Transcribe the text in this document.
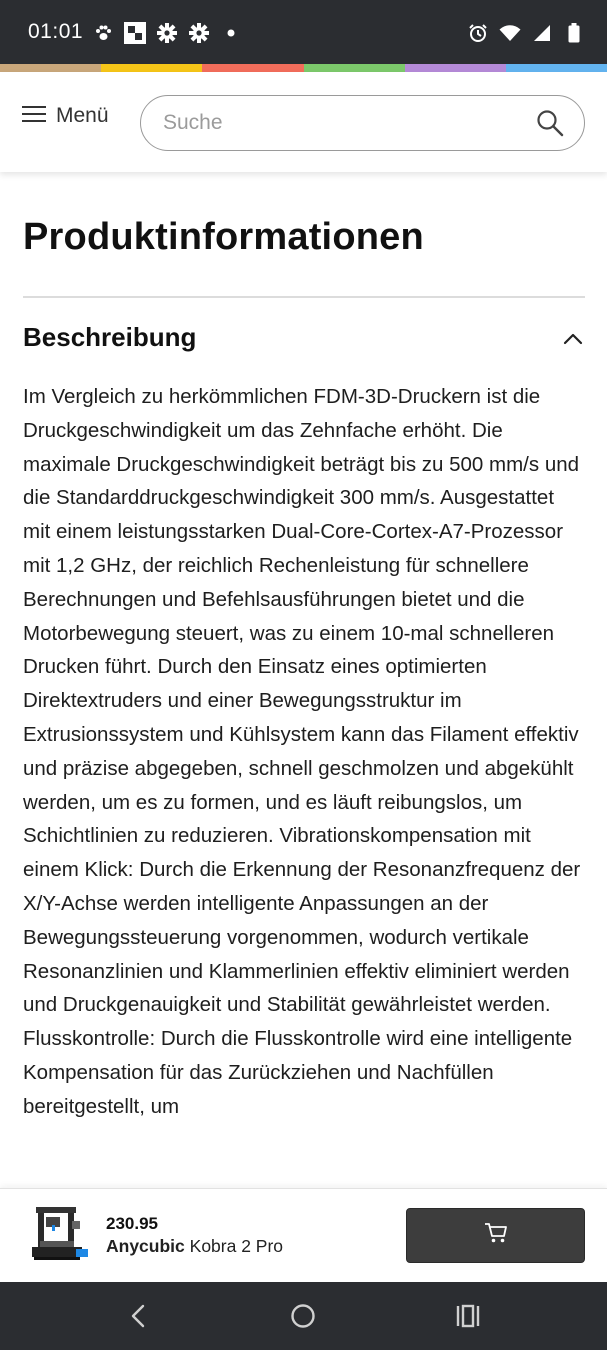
01:01
Menü
Suche
Produktinformationen
Beschreibung

Im Vergleich zu herkömmlichen FDM-3D-Druckern ist die Druckgeschwindigkeit um das Zehnfache erhöht. Die maximale Druckgeschwindigkeit beträgt bis zu 500 mm/s und die Standarddruckgeschwindigkeit 300 mm/s. Ausgestattet mit einem leistungsstarken Dual-Core-Cortex-A7-Prozessor mit 1,2 GHz, der reichlich Rechenleistung für schnellere Berechnungen und Befehlsausführungen bietet und die Motorbewegung steuert, was zu einem 10-mal schnelleren Drucken führt. Durch den Einsatz eines optimierten Direktextruders und einer Bewegungsstruktur im Extrusionssystem und Kühlsystem kann das Filament effektiv und präzise abgegeben, schnell geschmolzen und abgekühlt werden, um es zu formen, und es läuft reibungslos, um Schichtlinien zu reduzieren. Vibrationskompensation mit einem Klick: Durch die Erkennung der Resonanzfrequenz der X/Y-Achse werden intelligente Anpassungen an der Bewegungssteuerung vorgenommen, wodurch vertikale Resonanzlinien und Klammerlinien effektiv eliminiert werden und Druckgenauigkeit und Stabilität gewährleistet werden. Flusskontrolle: Durch die Flusskontrolle wird eine intelligente Kompensation für das Zurückziehen und Nachfüllen bereitgestellt, um

230.95
Anycubic Kobra 2 Pro
